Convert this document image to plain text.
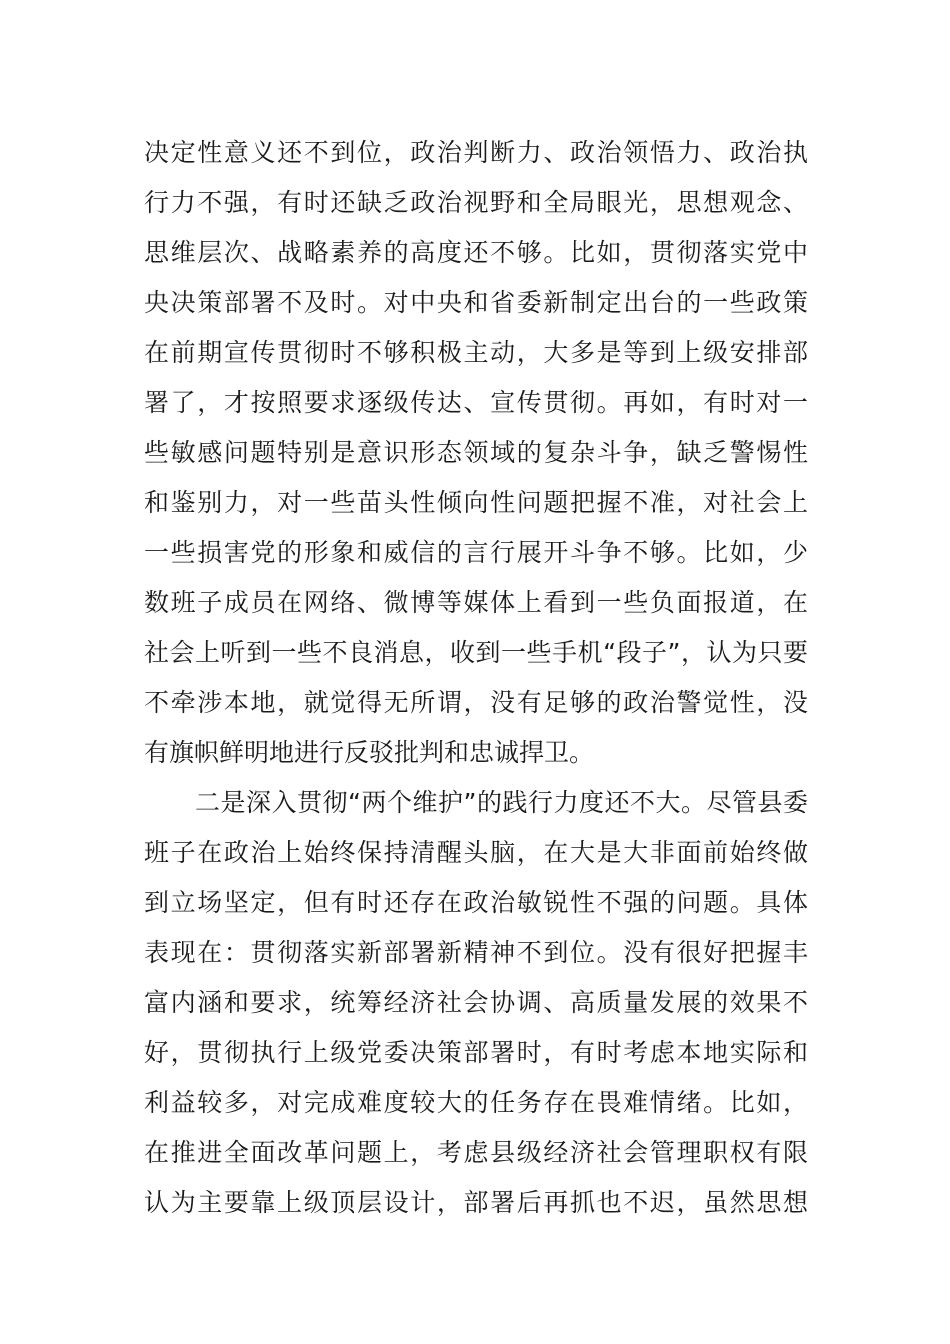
决定性意义还不到位，政治判断力、政治领悟力、政治执
行力不强，有时还缺乏政治视野和全局眼光，思想观念、
思维层次、战略素养的高度还不够。比如，贯彻落实党中
央决策部署不及时。对中央和省委新制定出台的一些政策
在前期宣传贯彻时不够积极主动，大多是等到上级安排部
署了，才按照要求逐级传达、宣传贯彻。再如，有时对一
些敏感问题特别是意识形态领域的复杂斗争，缺乏警惕性
和鉴别力，对一些苗头性倾向性问题把握不准，对社会上
一些损害党的形象和威信的言行展开斗争不够。比如，少
数班子成员在网络、微博等媒体上看到一些负面报道，在
社会上听到一些不良消息，收到一些手机“段子”，认为只要
不牵涉本地，就觉得无所谓，没有足够的政治警觉性，没
有旗帜鲜明地进行反驳批判和忠诚捍卫。
　　二是深入贯彻“两个维护”的践行力度还不大。尽管县委
班子在政治上始终保持清醒头脑，在大是大非面前始终做
到立场坚定，但有时还存在政治敏锐性不强的问题。具体
表现在：贯彻落实新部署新精神不到位。没有很好把握丰
富内涵和要求，统筹经济社会协调、高质量发展的效果不
好，贯彻执行上级党委决策部署时，有时考虑本地实际和
利益较多，对完成难度较大的任务存在畏难情绪。比如，
在推进全面改革问题上，考虑县级经济社会管理职权有限
认为主要靠上级顶层设计，部署后再抓也不迟，虽然思想
